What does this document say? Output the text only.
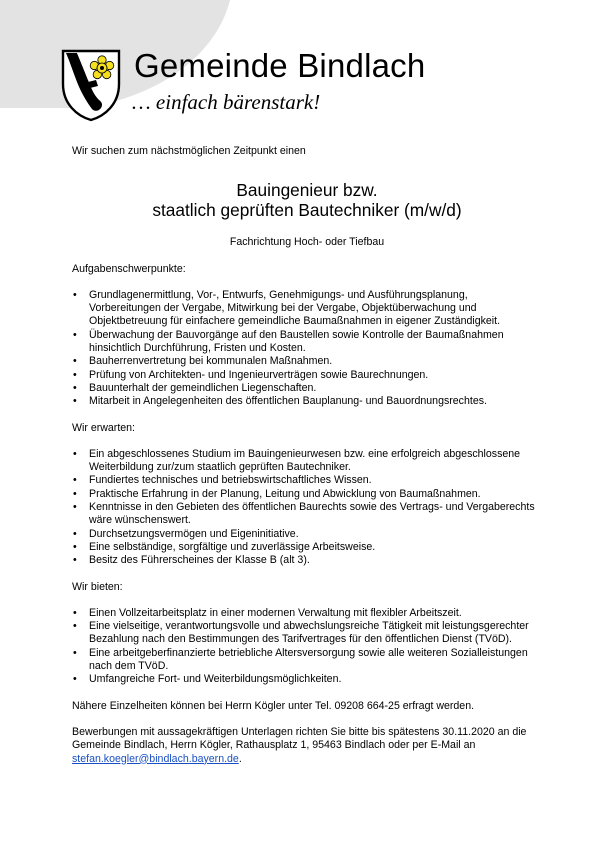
Gemeinde Bindlach
… einfach bärenstark!

Wir suchen zum nächstmöglichen Zeitpunkt einen

Bauingenieur bzw.
staatlich geprüften Bautechniker (m/w/d)

Fachrichtung Hoch- oder Tiefbau

Aufgabenschwerpunkte:

• Grundlagenermittlung, Vor-, Entwurfs, Genehmigungs- und Ausführungsplanung, Vorbereitungen der Vergabe, Mitwirkung bei der Vergabe, Objektüberwachung und Objektbetreuung für einfachere gemeindliche Baumaßnahmen in eigener Zuständigkeit.
• Überwachung der Bauvorgänge auf den Baustellen sowie Kontrolle der Baumaßnahmen hinsichtlich Durchführung, Fristen und Kosten.
• Bauherrenvertretung bei kommunalen Maßnahmen.
• Prüfung von Architekten- und Ingenieurverträgen sowie Baurechnungen.
• Bauunterhalt der gemeindlichen Liegenschaften.
• Mitarbeit in Angelegenheiten des öffentlichen Bauplanung- und Bauordnungsrechtes.

Wir erwarten:

• Ein abgeschlossenes Studium im Bauingenieurwesen bzw. eine erfolgreich abgeschlossene Weiterbildung zur/zum staatlich geprüften Bautechniker.
• Fundiertes technisches und betriebswirtschaftliches Wissen.
• Praktische Erfahrung in der Planung, Leitung und Abwicklung von Baumaßnahmen.
• Kenntnisse in den Gebieten des öffentlichen Baurechts sowie des Vertrags- und Vergaberechts wäre wünschenswert.
• Durchsetzungsvermögen und Eigeninitiative.
• Eine selbständige, sorgfältige und zuverlässige Arbeitsweise.
• Besitz des Führerscheines der Klasse B (alt 3).

Wir bieten:

• Einen Vollzeitarbeitsplatz in einer modernen Verwaltung mit flexibler Arbeitszeit.
• Eine vielseitige, verantwortungsvolle und abwechslungsreiche Tätigkeit mit leistungsgerechter Bezahlung nach den Bestimmungen des Tarifvertrages für den öffentlichen Dienst (TVöD).
• Eine arbeitgeberfinanzierte betriebliche Altersversorgung sowie alle weiteren Sozialleistungen nach dem TVöD.
• Umfangreiche Fort- und Weiterbildungsmöglichkeiten.

Nähere Einzelheiten können bei Herrn Kögler unter Tel. 09208 664-25 erfragt werden.

Bewerbungen mit aussagekräftigen Unterlagen richten Sie bitte bis spätestens 30.11.2020 an die Gemeinde Bindlach, Herrn Kögler, Rathausplatz 1, 95463 Bindlach oder per E-Mail an
stefan.koegler@bindlach.bayern.de.
